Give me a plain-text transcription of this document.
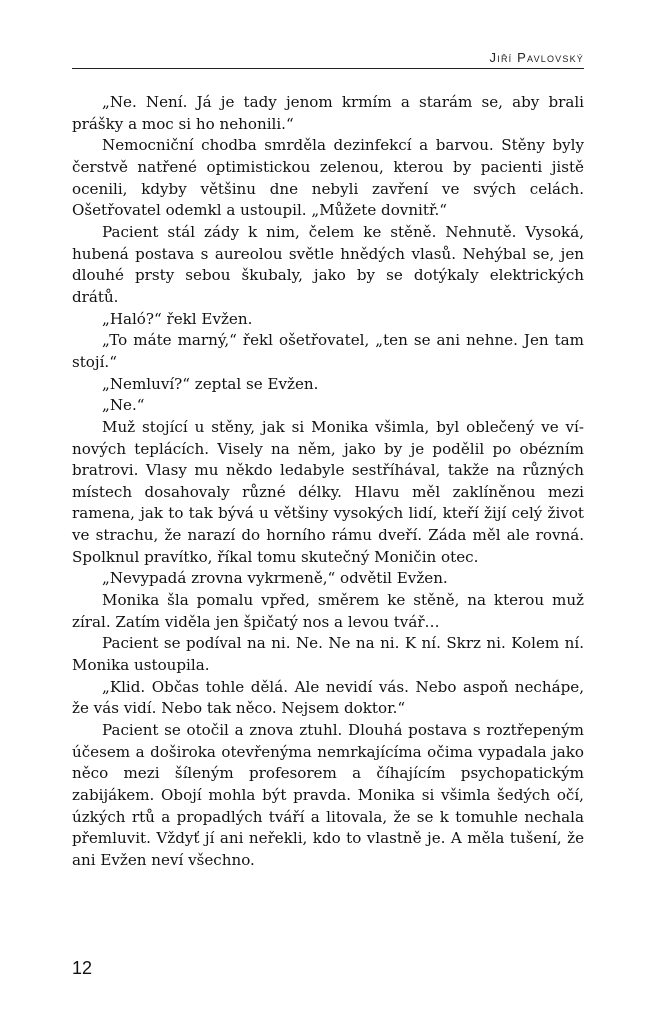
Jiří Pavlovský

„Ne. Není. Já je tady jenom krmím a starám se, aby brali prášky a moc si ho nehonili.“

Nemocniční chodba smrděla dezinfekcí a barvou. Stěny byly čerstvě natřené optimistickou zelenou, kterou by pacienti jistě ocenili, kdyby většinu dne nebyli zavření ve svých celách. Ošetřovatel odemkl a ustoupil. „Můžete dovnitř.“

Pacient stál zády k nim, čelem ke stěně. Nehnutě. Vysoká, hubená postava s aureolou světle hnědých vlasů. Nehýbal se, jen dlouhé prsty sebou škubaly, jako by se dotýkaly elektrických drátů.

„Haló?“ řekl Evžen.

„To máte marný,“ řekl ošetřovatel, „ten se ani nehne. Jen tam stojí.“

„Nemluví?“ zeptal se Evžen.

„Ne.“

Muž stojící u stěny, jak si Monika všimla, byl oblečený ve vínových teplácích. Visely na něm, jako by je podělil po obézním bratrovi. Vlasy mu někdo ledabyle sestříhával, takže na různých místech dosahovaly různé délky. Hlavu měl zaklíněnou mezi ramena, jak to tak bývá u většiny vysokých lidí, kteří žijí celý život ve strachu, že narazí do horního rámu dveří. Záda měl ale rovná. Spolknul pravítko, říkal tomu skutečný Moničin otec.

„Nevypadá zrovna vykrmeně,“ odvětil Evžen.

Monika šla pomalu vpřed, směrem ke stěně, na kterou muž zíral. Zatím viděla jen špičatý nos a levou tvář…

Pacient se podíval na ni. Ne. Ne na ni. K ní. Skrz ni. Kolem ní. Monika ustoupila.

„Klid. Občas tohle dělá. Ale nevidí vás. Nebo aspoň nechápe, že vás vidí. Nebo tak něco. Nejsem doktor.“

Pacient se otočil a znova ztuhl. Dlouhá postava s roztřepeným účesem a doširoka otevřenýma nemrkajícíma očima vypadala jako něco mezi šíleným profesorem a číhajícím psychopatickým zabijákem. Obojí mohla být pravda. Monika si všimla šedých očí, úzkých rtů a propadlých tváří a litovala, že se k tomuhle nechala přemluvit. Vždyť jí ani neřekli, kdo to vlastně je. A měla tušení, že ani Evžen neví všechno.

12
